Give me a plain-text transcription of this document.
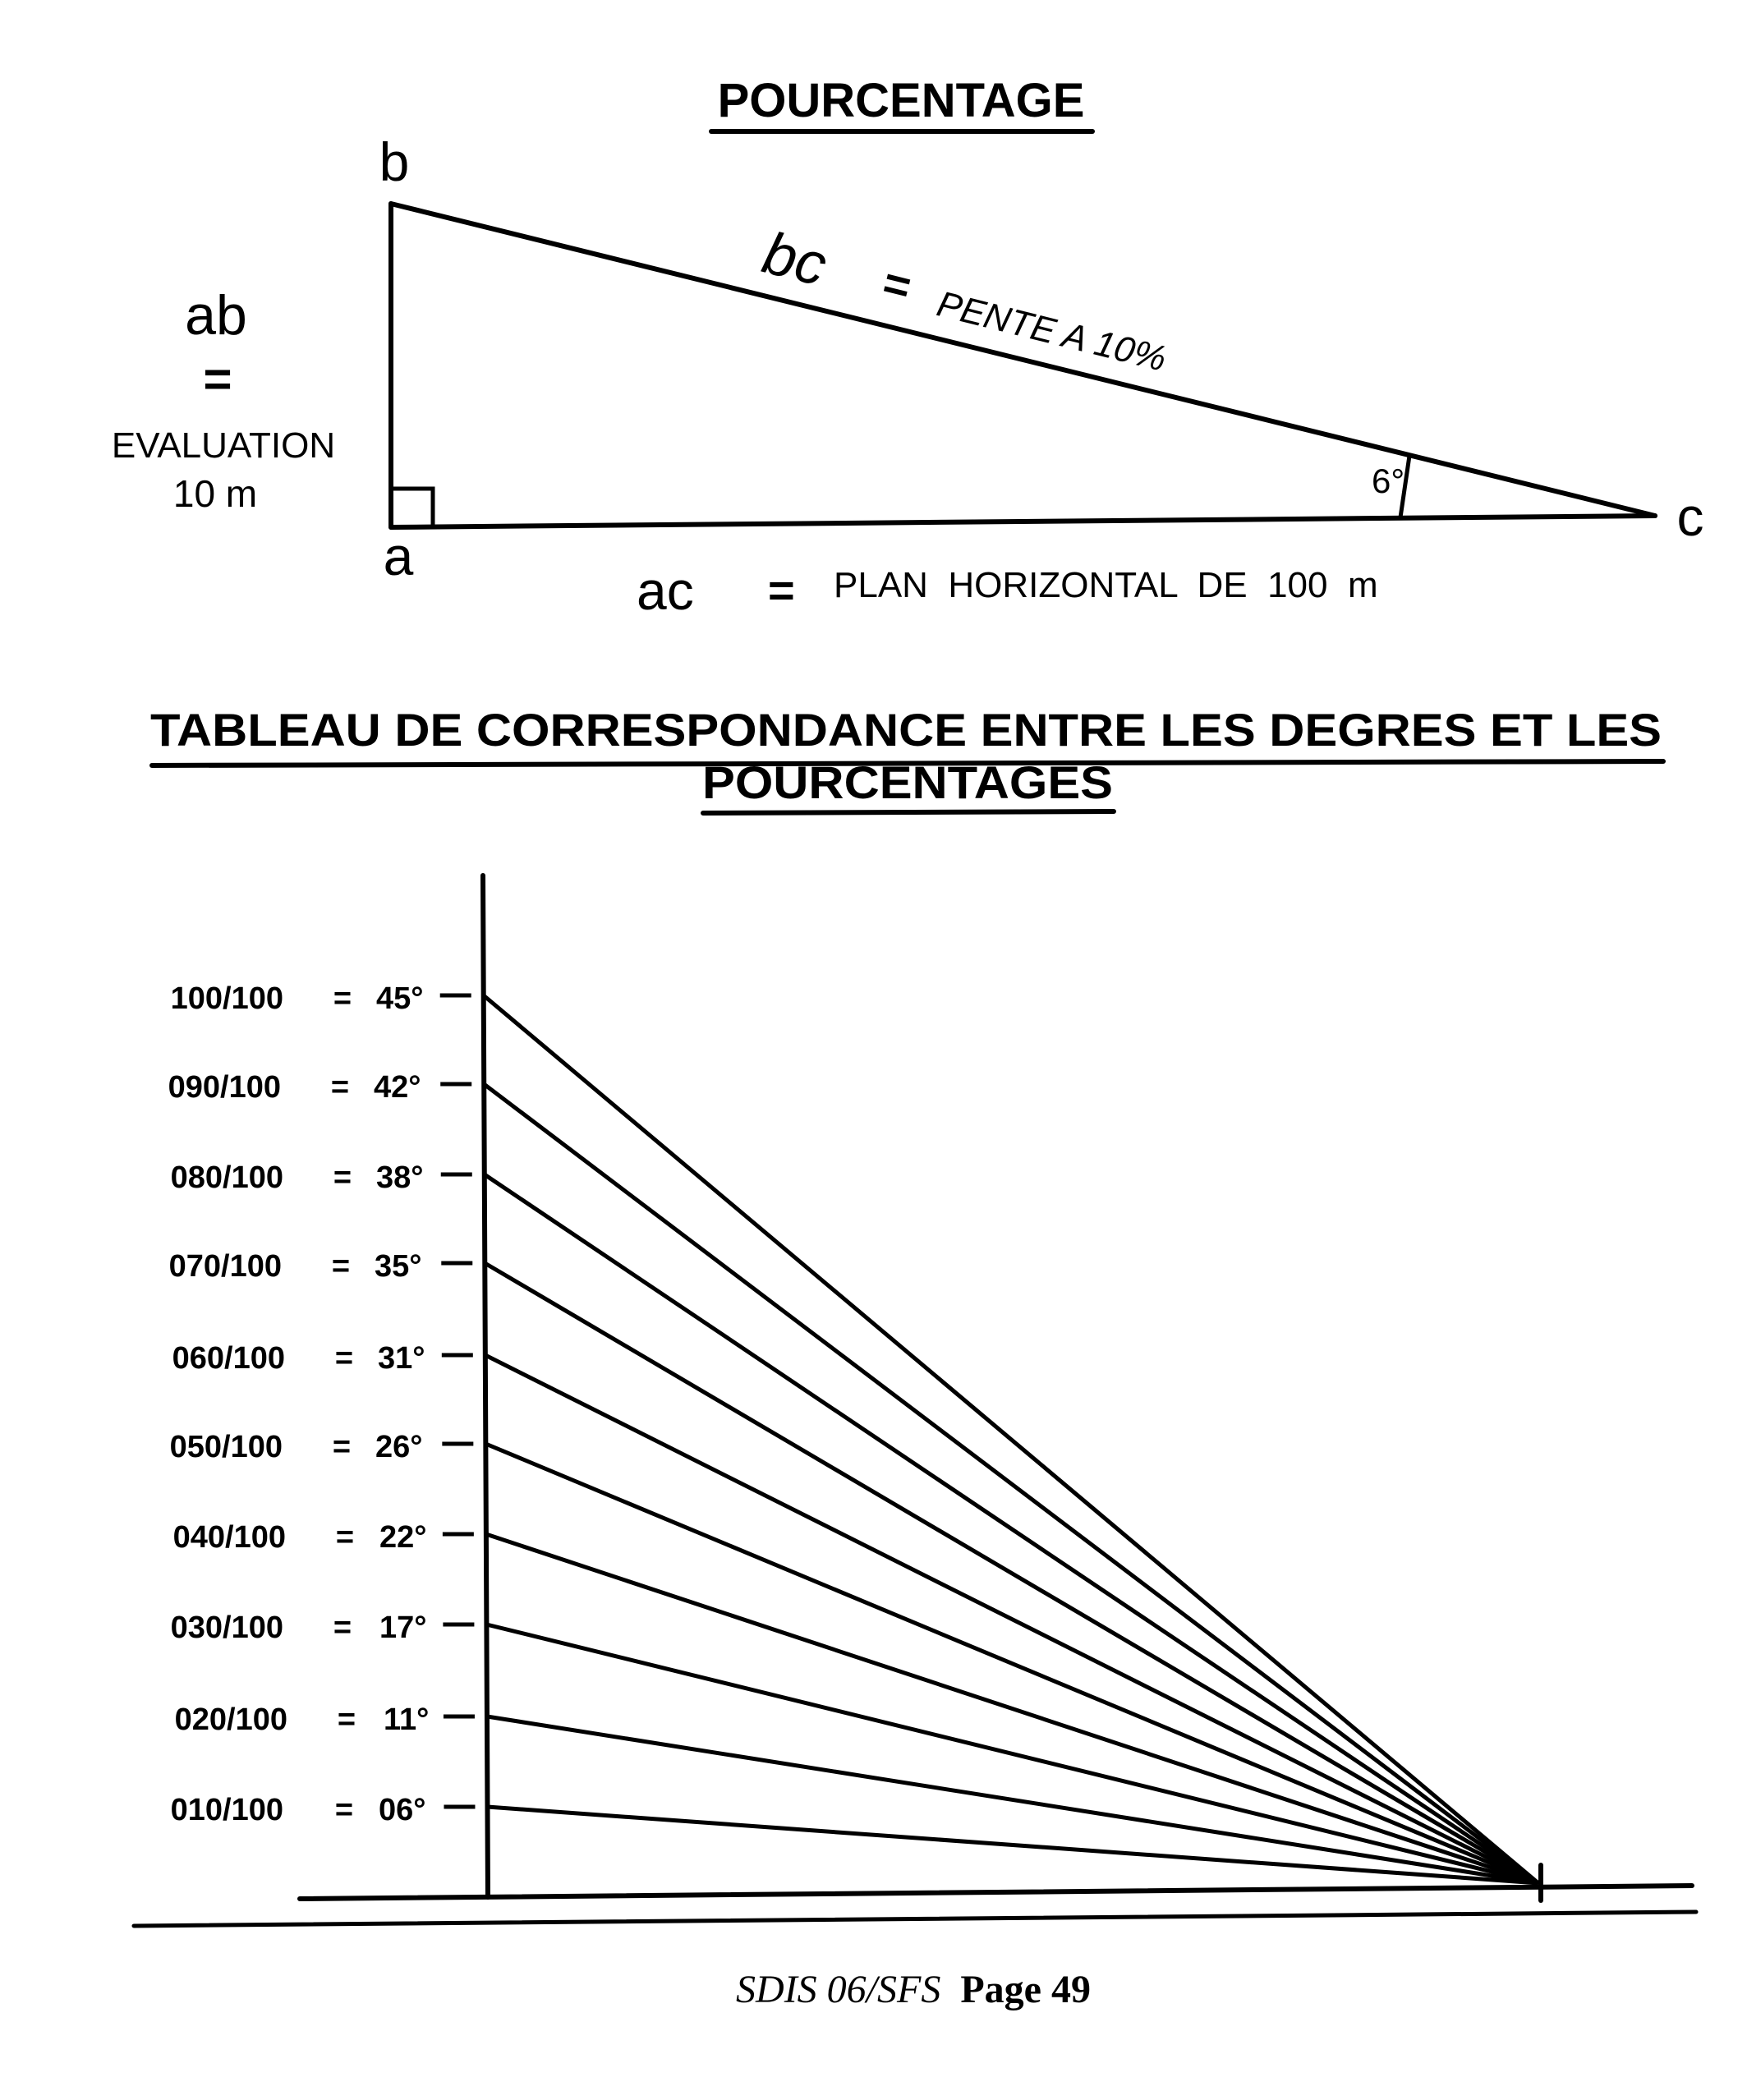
POURCENTAGE
b
a
c
ab
=
EVALUATION
10 m
bc = PENTE A 10%
6°
ac = PLAN  HORIZONTAL  DE  100  m
TABLEAU DE CORRESPONDANCE ENTRE LES DEGRES ET LES
POURCENTAGES
100/100 = 45°
090/100 = 42°
080/100 = 38°
070/100 = 35°
060/100 = 31°
050/100 = 26°
040/100 = 22°
030/100 = 17°
020/100 = 11°
010/100 = 06°
SDIS 06/SFS Page 49
